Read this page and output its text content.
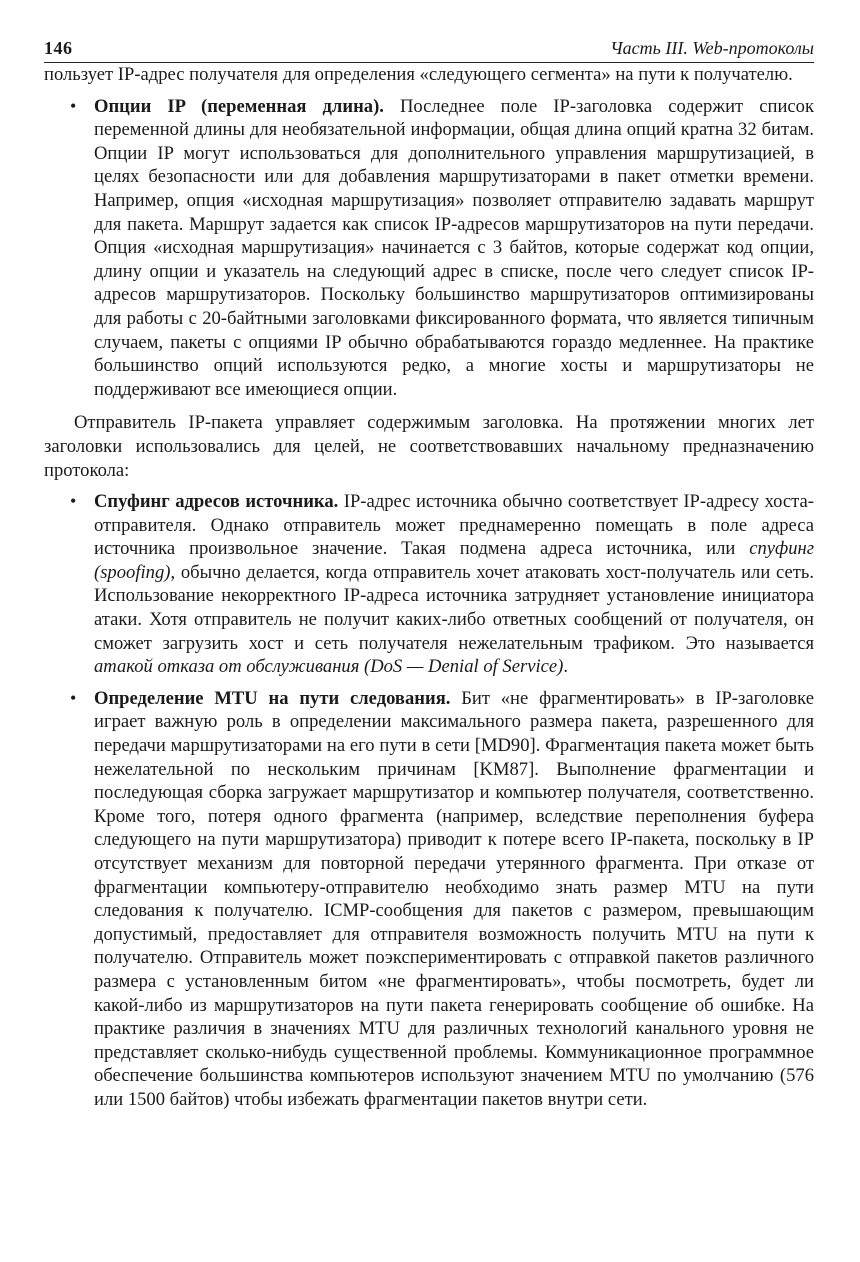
146	Часть III. Web-протоколы

пользует IP-адрес получателя для определения «следующего сегмента» на пути к получателю.

• Опции IP (переменная длина). Последнее поле IP-заголовка содержит список переменной длины для необязательной информации, общая длина опций кратна 32 битам. Опции IP могут использоваться для дополнительного управления маршрутизацией, в целях безопасности или для добавления маршрутизаторами в пакет отметки времени. Например, опция «исходная маршрутизация» позволяет отправителю задавать маршрут для пакета. Маршрут задается как список IP-адресов маршрутизаторов на пути передачи. Опция «исходная маршрутизация» начинается с 3 байтов, которые содержат код опции, длину опции и указатель на следующий адрес в списке, после чего следует список IP-адресов маршрутизаторов. Поскольку большинство маршрутизаторов оптимизированы для работы с 20-байтными заголовками фиксированного формата, что является типичным случаем, пакеты с опциями IP обычно обрабатываются гораздо медленнее. На практике большинство опций используются редко, а многие хосты и маршрутизаторы не поддерживают все имеющиеся опции.

Отправитель IP-пакета управляет содержимым заголовка. На протяжении многих лет заголовки использовались для целей, не соответствовавших начальному предназначению протокола:

• Спуфинг адресов источника. IP-адрес источника обычно соответствует IP-адресу хоста-отправителя. Однако отправитель может преднамеренно помещать в поле адреса источника произвольное значение. Такая подмена адреса источника, или спуфинг (spoofing), обычно делается, когда отправитель хочет атаковать хост-получатель или сеть. Использование некорректного IP-адреса источника затрудняет установление инициатора атаки. Хотя отправитель не получит каких-либо ответных сообщений от получателя, он сможет загрузить хост и сеть получателя нежелательным трафиком. Это называется атакой отказа от обслуживания (DoS — Denial of Service).
• Определение MTU на пути следования. Бит «не фрагментировать» в IP-заголовке играет важную роль в определении максимального размера пакета, разрешенного для передачи маршрутизаторами на его пути в сети [MD90]. Фрагментация пакета может быть нежелательной по нескольким причинам [KM87]. Выполнение фрагментации и последующая сборка загружает маршрутизатор и компьютер получателя, соответственно. Кроме того, потеря одного фрагмента (например, вследствие переполнения буфера следующего на пути маршрутизатора) приводит к потере всего IP-пакета, поскольку в IP отсутствует механизм для повторной передачи утерянного фрагмента. При отказе от фрагментации компьютеру-отправителю необходимо знать размер MTU на пути следования к получателю. ICMP-сообщения для пакетов с размером, превышающим допустимый, предоставляет для отправителя возможность получить MTU на пути к получателю. Отправитель может поэкспериментировать с отправкой пакетов различного размера с установленным битом «не фрагментировать», чтобы посмотреть, будет ли какой-либо из маршрутизаторов на пути пакета генерировать сообщение об ошибке. На практике различия в значениях MTU для различных технологий канального уровня не представляет сколько-нибудь существенной проблемы. Коммуникационное программное обеспечение большинства компьютеров используют значением MTU по умолчанию (576 или 1500 байтов) чтобы избежать фрагментации пакетов внутри сети.
